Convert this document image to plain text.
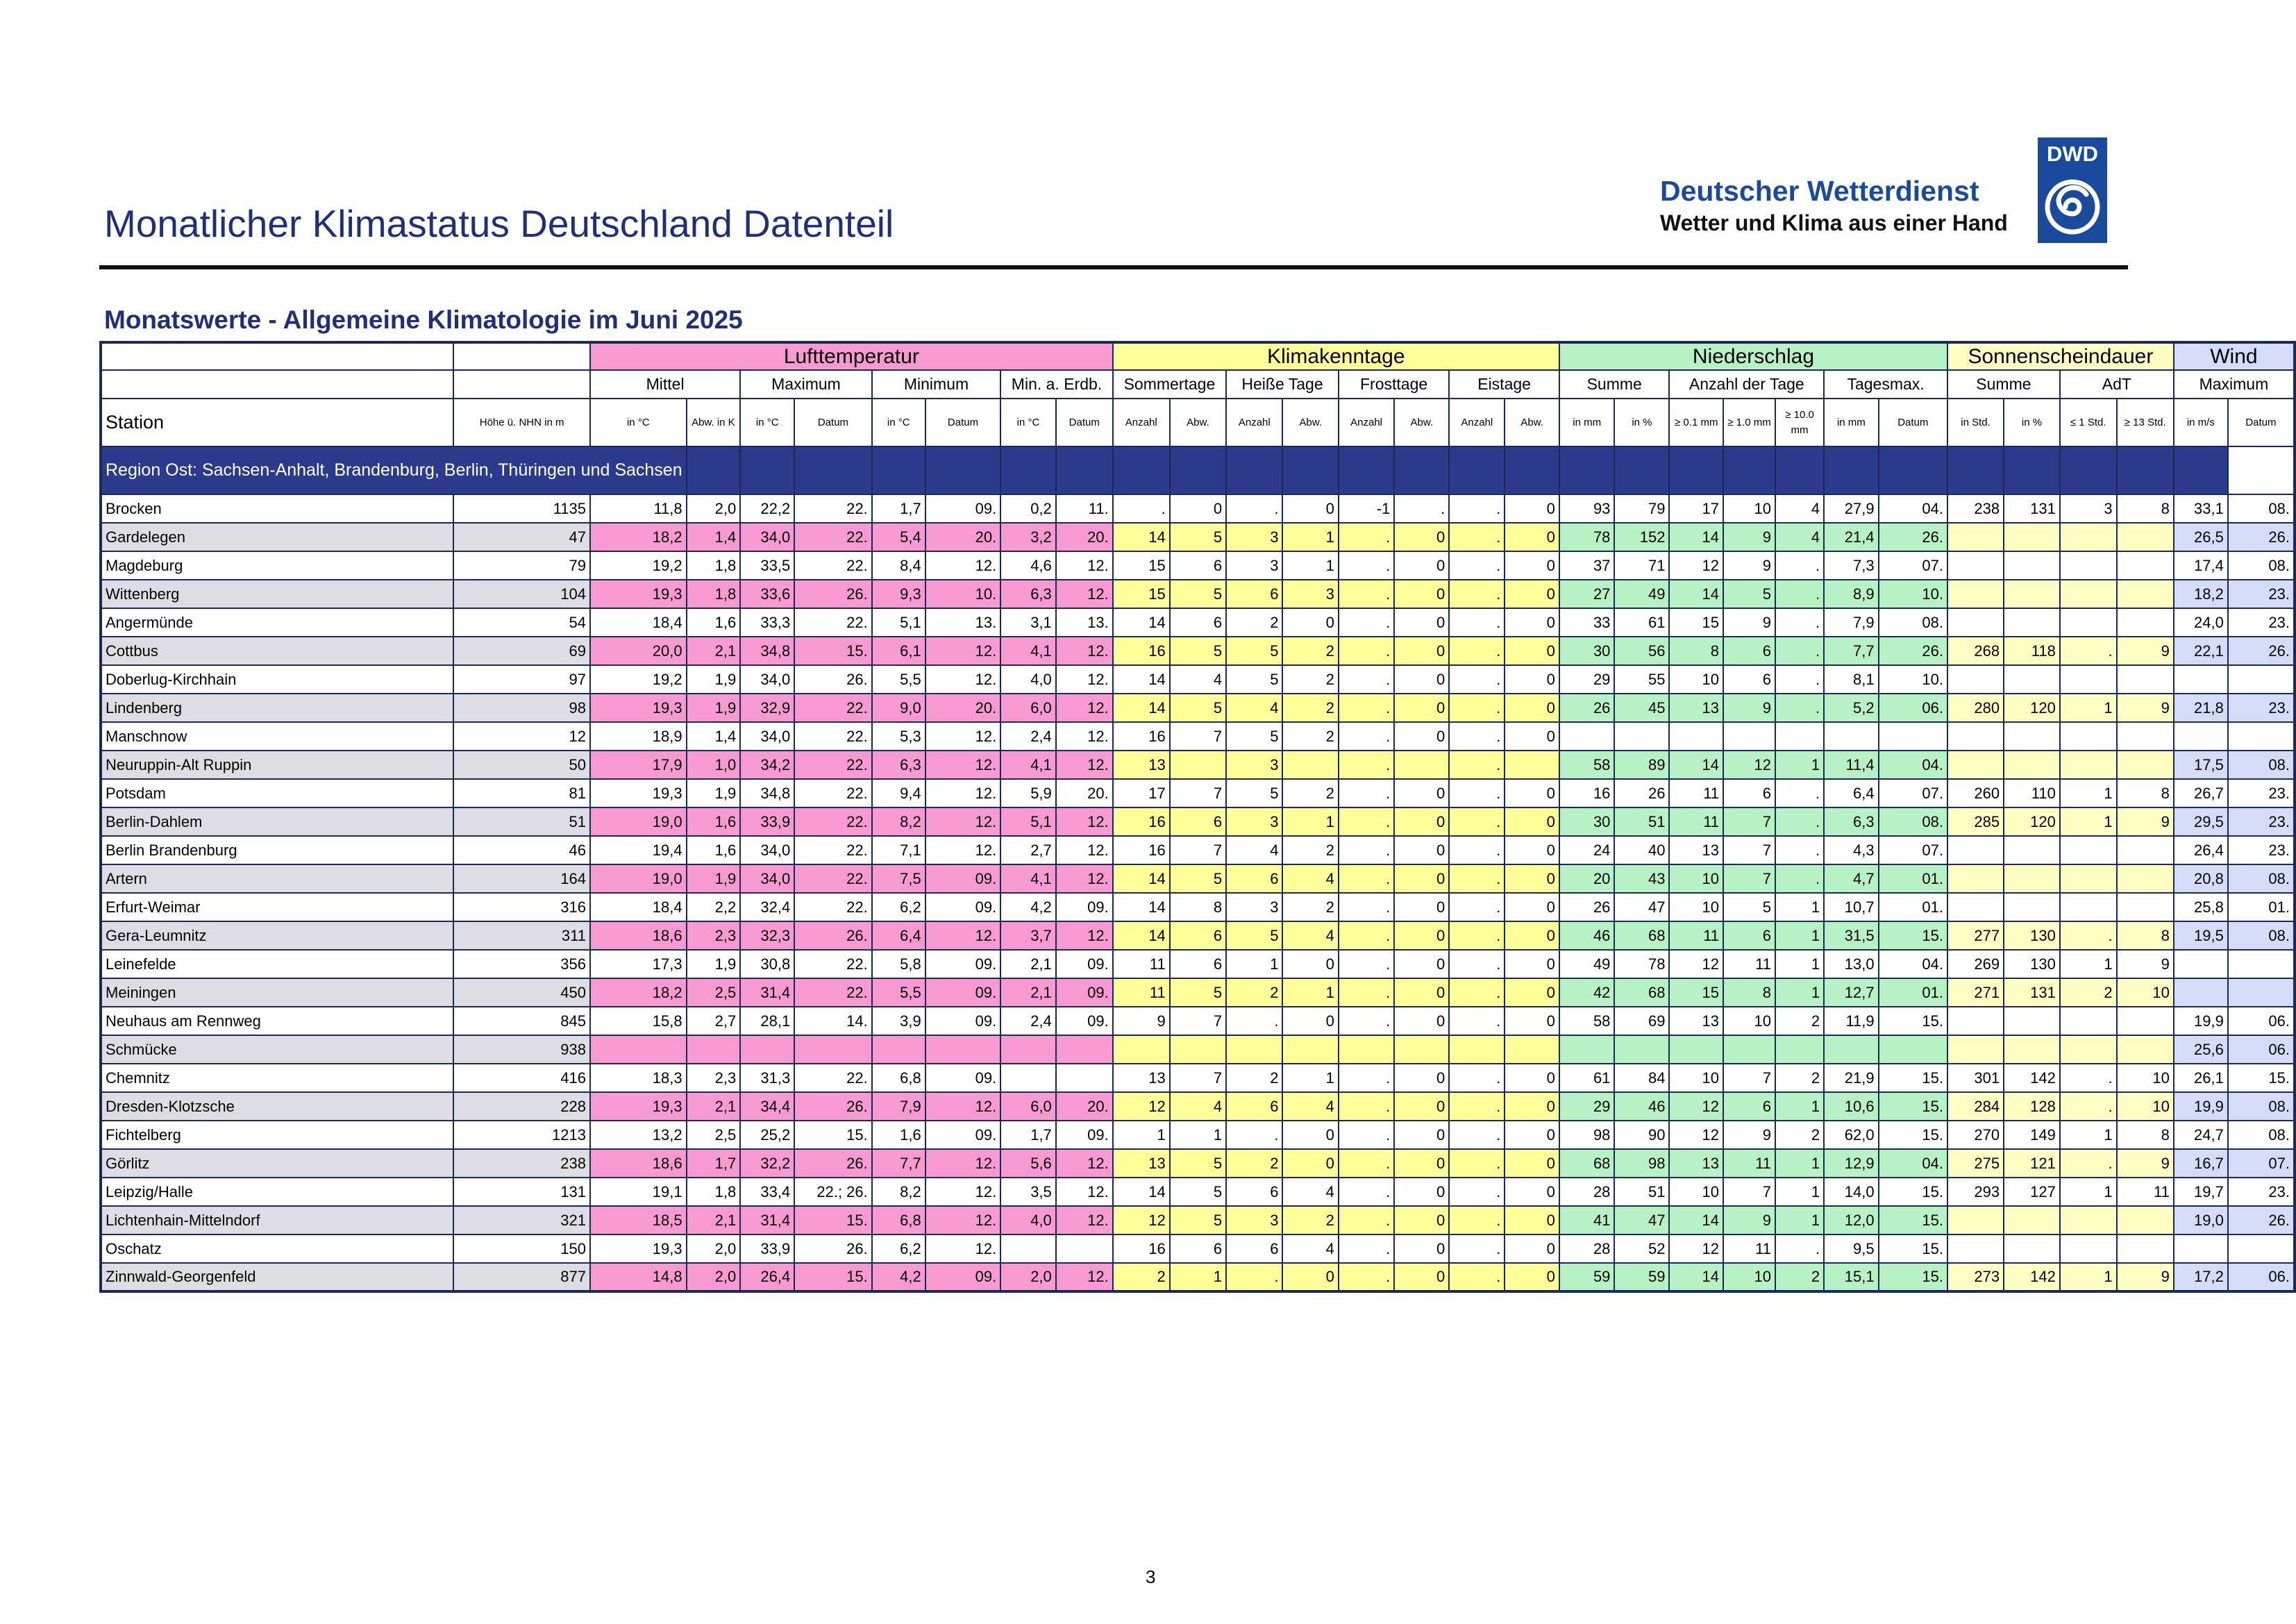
Monatlicher Klimastatus Deutschland Datenteil
Deutscher Wetterdienst
Wetter und Klima aus einer Hand
DWD
Monatswerte - Allgemeine Klimatologie im Juni 2025
		Lufttemperatur								Klimakenntage								Niederschlag							Sonnenscheindauer				Wind	
		Mittel		Maximum		Minimum		Min. a. Erdb.		Sommertage		Heiße Tage		Frosttage		Eistage		Summe		Anzahl der Tage			Tagesmax.		Summe		AdT		Maximum	
Station	Höhe ü. NHN in m	in °C	Abw. in K	in °C	Datum	in °C	Datum	in °C	Datum	Anzahl	Abw.	Anzahl	Abw.	Anzahl	Abw.	Anzahl	Abw.	in mm	in %	≥ 0.1 mm	≥ 1.0 mm	≥ 10.0 mm	in mm	Datum	in Std.	in %	≤ 1 Std.	≥ 13 Std.	in m/s	Datum
Region Ost: Sachsen-Anhalt, Brandenburg, Berlin, Thüringen und Sachsen																														
Brocken	1135	11,8	2,0	22,2	22.	1,7	09.	0,2	11.	.	0	.	0	-1	.	.	0	93	79	17	10	4	27,9	04.	238	131	3	8	33,1	08.
Gardelegen	47	18,2	1,4	34,0	22.	5,4	20.	3,2	20.	14	5	3	1	.	0	.	0	78	152	14	9	4	21,4	26.					26,5	26.
Magdeburg	79	19,2	1,8	33,5	22.	8,4	12.	4,6	12.	15	6	3	1	.	0	.	0	37	71	12	9	.	7,3	07.					17,4	08.
Wittenberg	104	19,3	1,8	33,6	26.	9,3	10.	6,3	12.	15	5	6	3	.	0	.	0	27	49	14	5	.	8,9	10.					18,2	23.
Angermünde	54	18,4	1,6	33,3	22.	5,1	13.	3,1	13.	14	6	2	0	.	0	.	0	33	61	15	9	.	7,9	08.					24,0	23.
Cottbus	69	20,0	2,1	34,8	15.	6,1	12.	4,1	12.	16	5	5	2	.	0	.	0	30	56	8	6	.	7,7	26.	268	118	.	9	22,1	26.
Doberlug-Kirchhain	97	19,2	1,9	34,0	26.	5,5	12.	4,0	12.	14	4	5	2	.	0	.	0	29	55	10	6	.	8,1	10.						
Lindenberg	98	19,3	1,9	32,9	22.	9,0	20.	6,0	12.	14	5	4	2	.	0	.	0	26	45	13	9	.	5,2	06.	280	120	1	9	21,8	23.
Manschnow	12	18,9	1,4	34,0	22.	5,3	12.	2,4	12.	16	7	5	2	.	0	.	0													
Neuruppin-Alt Ruppin	50	17,9	1,0	34,2	22.	6,3	12.	4,1	12.	13		3		.		.		58	89	14	12	1	11,4	04.					17,5	08.
Potsdam	81	19,3	1,9	34,8	22.	9,4	12.	5,9	20.	17	7	5	2	.	0	.	0	16	26	11	6	.	6,4	07.	260	110	1	8	26,7	23.
Berlin-Dahlem	51	19,0	1,6	33,9	22.	8,2	12.	5,1	12.	16	6	3	1	.	0	.	0	30	51	11	7	.	6,3	08.	285	120	1	9	29,5	23.
Berlin Brandenburg	46	19,4	1,6	34,0	22.	7,1	12.	2,7	12.	16	7	4	2	.	0	.	0	24	40	13	7	.	4,3	07.					26,4	23.
Artern	164	19,0	1,9	34,0	22.	7,5	09.	4,1	12.	14	5	6	4	.	0	.	0	20	43	10	7	.	4,7	01.					20,8	08.
Erfurt-Weimar	316	18,4	2,2	32,4	22.	6,2	09.	4,2	09.	14	8	3	2	.	0	.	0	26	47	10	5	1	10,7	01.					25,8	01.
Gera-Leumnitz	311	18,6	2,3	32,3	26.	6,4	12.	3,7	12.	14	6	5	4	.	0	.	0	46	68	11	6	1	31,5	15.	277	130	.	8	19,5	08.
Leinefelde	356	17,3	1,9	30,8	22.	5,8	09.	2,1	09.	11	6	1	0	.	0	.	0	49	78	12	11	1	13,0	04.	269	130	1	9		
Meiningen	450	18,2	2,5	31,4	22.	5,5	09.	2,1	09.	11	5	2	1	.	0	.	0	42	68	15	8	1	12,7	01.	271	131	2	10		
Neuhaus am Rennweg	845	15,8	2,7	28,1	14.	3,9	09.	2,4	09.	9	7	.	0	.	0	.	0	58	69	13	10	2	11,9	15.					19,9	06.
Schmücke	938																												25,6	06.
Chemnitz	416	18,3	2,3	31,3	22.	6,8	09.			13	7	2	1	.	0	.	0	61	84	10	7	2	21,9	15.	301	142	.	10	26,1	15.
Dresden-Klotzsche	228	19,3	2,1	34,4	26.	7,9	12.	6,0	20.	12	4	6	4	.	0	.	0	29	46	12	6	1	10,6	15.	284	128	.	10	19,9	08.
Fichtelberg	1213	13,2	2,5	25,2	15.	1,6	09.	1,7	09.	1	1	.	0	.	0	.	0	98	90	12	9	2	62,0	15.	270	149	1	8	24,7	08.
Görlitz	238	18,6	1,7	32,2	26.	7,7	12.	5,6	12.	13	5	2	0	.	0	.	0	68	98	13	11	1	12,9	04.	275	121	.	9	16,7	07.
Leipzig/Halle	131	19,1	1,8	33,4	22.; 26.	8,2	12.	3,5	12.	14	5	6	4	.	0	.	0	28	51	10	7	1	14,0	15.	293	127	1	11	19,7	23.
Lichtenhain-Mittelndorf	321	18,5	2,1	31,4	15.	6,8	12.	4,0	12.	12	5	3	2	.	0	.	0	41	47	14	9	1	12,0	15.					19,0	26.
Oschatz	150	19,3	2,0	33,9	26.	6,2	12.			16	6	6	4	.	0	.	0	28	52	12	11	.	9,5	15.						
Zinnwald-Georgenfeld	877	14,8	2,0	26,4	15.	4,2	09.	2,0	12.	2	1	.	0	.	0	.	0	59	59	14	10	2	15,1	15.	273	142	1	9	17,2	06.
3
